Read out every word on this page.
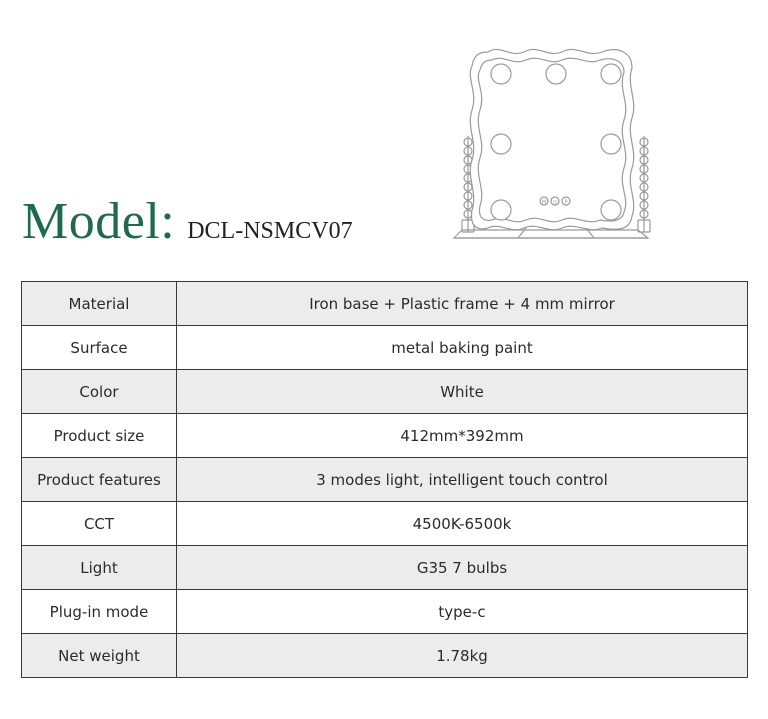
Model: DCL-NSMCV07
M ⊙ P
Material	Iron base + Plastic frame + 4 mm mirror
Surface	metal baking paint
Color	White
Product size	412mm*392mm
Product features	3 modes light, intelligent touch control
CCT	4500K-6500k
Light	G35 7 bulbs
Plug-in mode	type-c
Net weight	1.78kg
